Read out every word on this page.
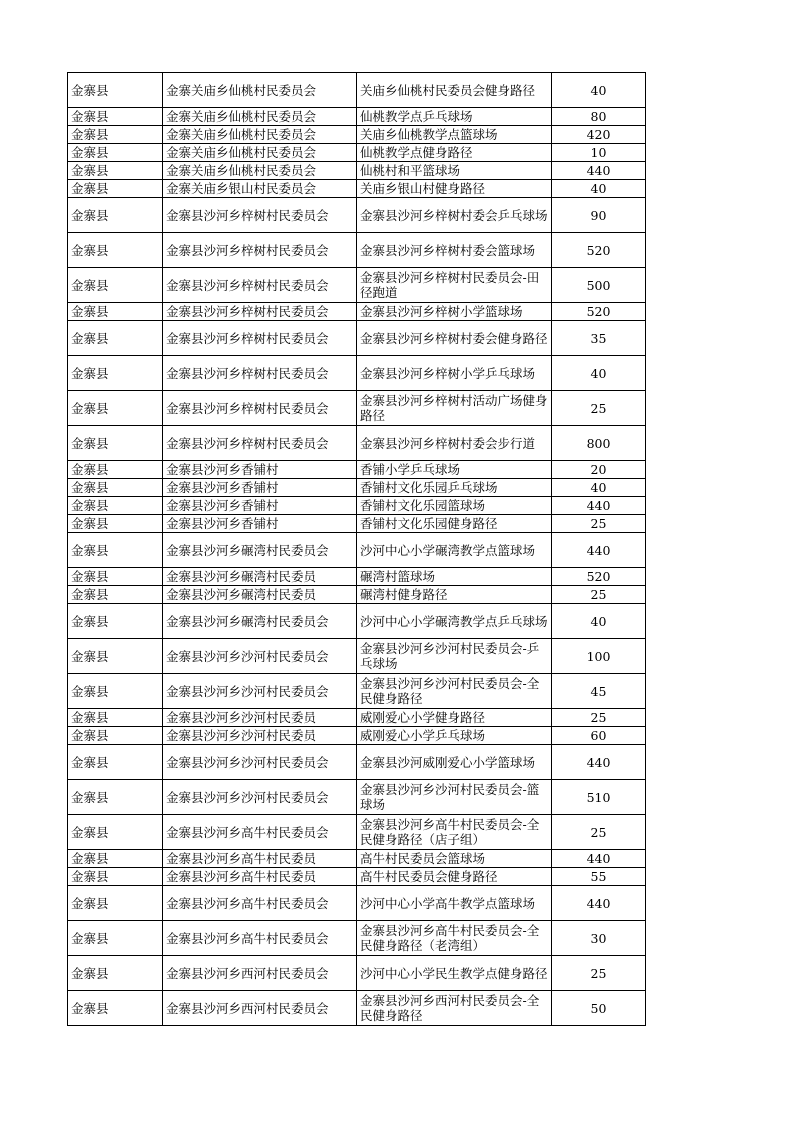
金寨县	金寨关庙乡仙桃村民委员会	关庙乡仙桃村民委员会健身路径	40
金寨县	金寨关庙乡仙桃村民委员会	仙桃教学点乒乓球场	80
金寨县	金寨关庙乡仙桃村民委员会	关庙乡仙桃教学点篮球场	420
金寨县	金寨关庙乡仙桃村民委员会	仙桃教学点健身路径	10
金寨县	金寨关庙乡仙桃村民委员会	仙桃村和平篮球场	440
金寨县	金寨关庙乡银山村民委员会	关庙乡银山村健身路径	40
金寨县	金寨县沙河乡梓树村民委员会	金寨县沙河乡梓树村委会乒乓球场	90
金寨县	金寨县沙河乡梓树村民委员会	金寨县沙河乡梓树村委会篮球场	520
金寨县	金寨县沙河乡梓树村民委员会	金寨县沙河乡梓树村民委员会-田径跑道	500
金寨县	金寨县沙河乡梓树村民委员会	金寨县沙河乡梓树小学篮球场	520
金寨县	金寨县沙河乡梓树村民委员会	金寨县沙河乡梓树村委会健身路径	35
金寨县	金寨县沙河乡梓树村民委员会	金寨县沙河乡梓树小学乒乓球场	40
金寨县	金寨县沙河乡梓树村民委员会	金寨县沙河乡梓树村活动广场健身路径	25
金寨县	金寨县沙河乡梓树村民委员会	金寨县沙河乡梓树村委会步行道	800
金寨县	金寨县沙河乡香铺村	香铺小学乒乓球场	20
金寨县	金寨县沙河乡香铺村	香铺村文化乐园乒乓球场	40
金寨县	金寨县沙河乡香铺村	香铺村文化乐园篮球场	440
金寨县	金寨县沙河乡香铺村	香铺村文化乐园健身路径	25
金寨县	金寨县沙河乡碾湾村民委员会	沙河中心小学碾湾教学点篮球场	440
金寨县	金寨县沙河乡碾湾村民委员	碾湾村篮球场	520
金寨县	金寨县沙河乡碾湾村民委员	碾湾村健身路径	25
金寨县	金寨县沙河乡碾湾村民委员会	沙河中心小学碾湾教学点乒乓球场	40
金寨县	金寨县沙河乡沙河村民委员会	金寨县沙河乡沙河村民委员会-乒乓球场	100
金寨县	金寨县沙河乡沙河村民委员会	金寨县沙河乡沙河村民委员会-全民健身路径	45
金寨县	金寨县沙河乡沙河村民委员	威刚爱心小学健身路径	25
金寨县	金寨县沙河乡沙河村民委员	威刚爱心小学乒乓球场	60
金寨县	金寨县沙河乡沙河村民委员会	金寨县沙河威刚爱心小学篮球场	440
金寨县	金寨县沙河乡沙河村民委员会	金寨县沙河乡沙河村民委员会-篮球场	510
金寨县	金寨县沙河乡高牛村民委员会	金寨县沙河乡高牛村民委员会-全民健身路径（店子组）	25
金寨县	金寨县沙河乡高牛村民委员	高牛村民委员会篮球场	440
金寨县	金寨县沙河乡高牛村民委员	高牛村民委员会健身路径	55
金寨县	金寨县沙河乡高牛村民委员会	沙河中心小学高牛教学点篮球场	440
金寨县	金寨县沙河乡高牛村民委员会	金寨县沙河乡高牛村民委员会-全民健身路径（老湾组）	30
金寨县	金寨县沙河乡西河村民委员会	沙河中心小学民生教学点健身路径	25
金寨县	金寨县沙河乡西河村民委员会	金寨县沙河乡西河村民委员会-全民健身路径	50
